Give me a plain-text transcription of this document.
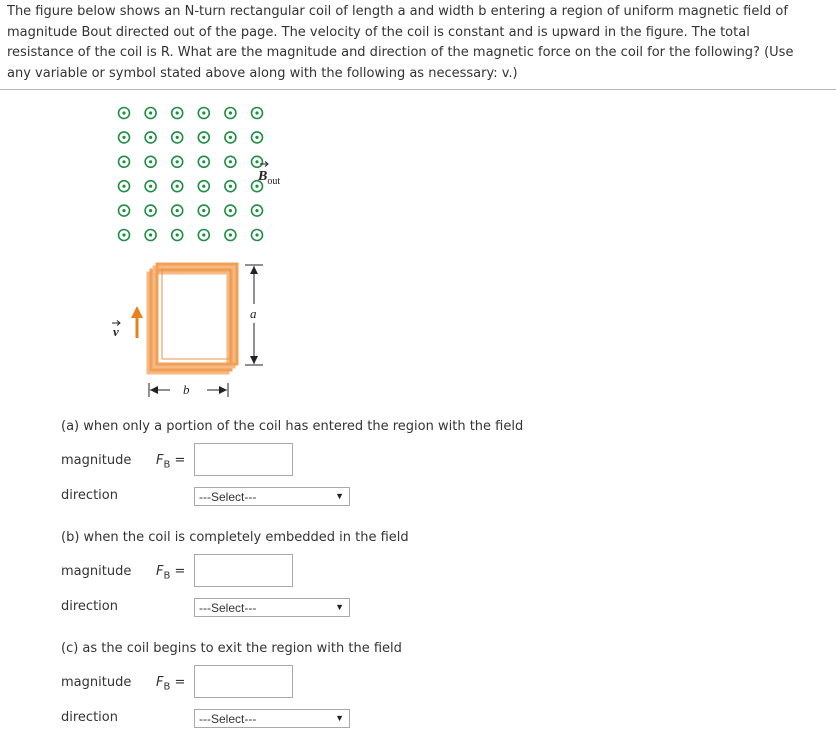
The figure below shows an N-turn rectangular coil of length a and width b entering a region of uniform magnetic field of
magnitude Bout directed out of the page. The velocity of the coil is constant and is upward in the figure. The total
resistance of the coil is R. What are the magnitude and direction of the magnetic force on the coil for the following? (Use
any variable or symbol stated above along with the following as necessary: v.)
$B_{out}$
v
a
b
(a) when only a portion of the coil has entered the region with the field
magnitude $F_B$ =
direction	---Select---	▼
(b) when the coil is completely embedded in the field
magnitude $F_B$ =
direction	---Select---	▼
(c) as the coil begins to exit the region with the field
magnitude $F_B$ =
direction	---Select---	▼
